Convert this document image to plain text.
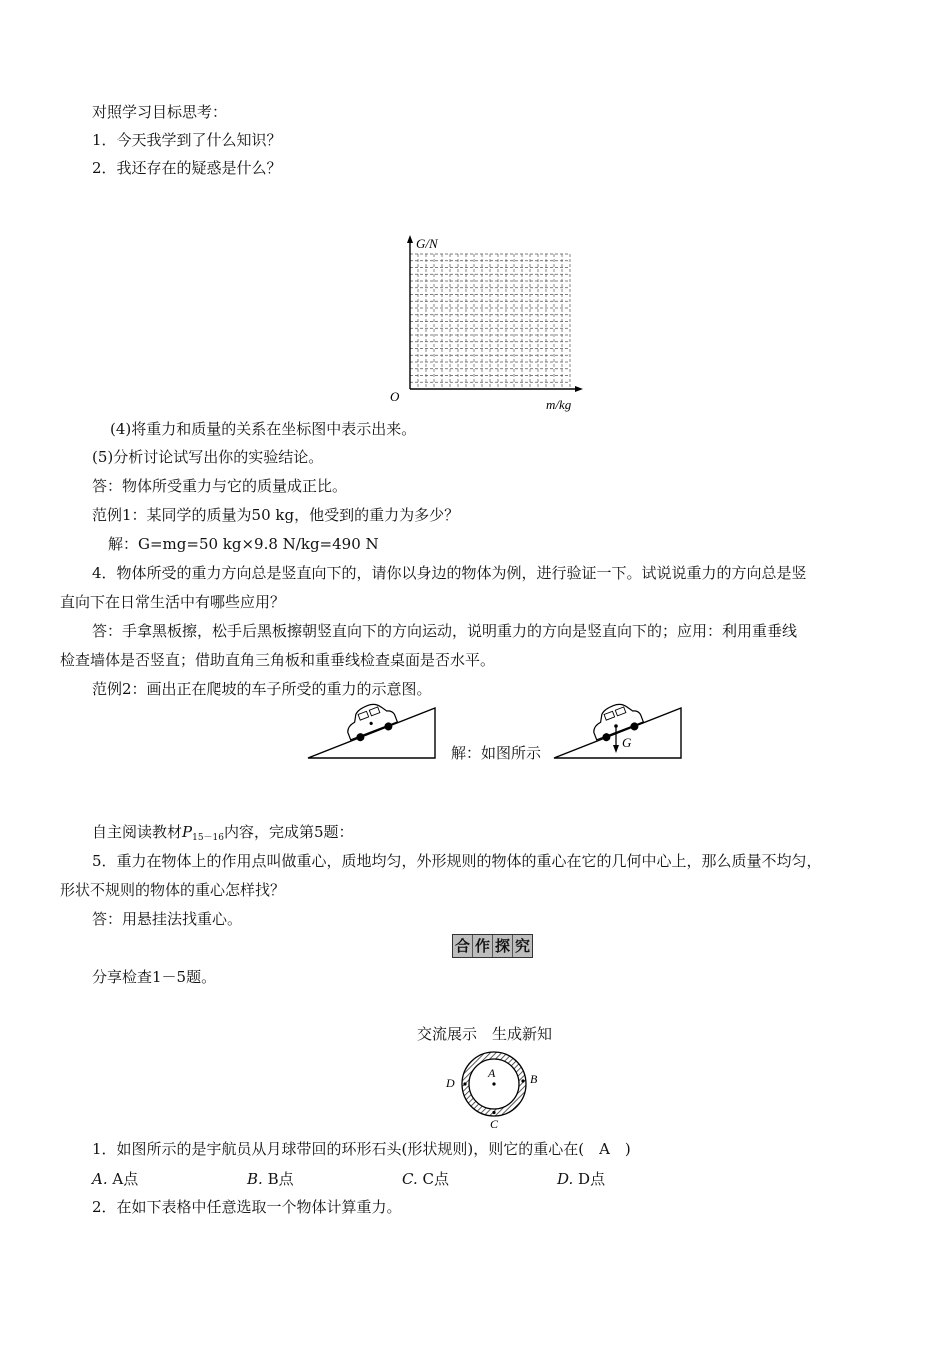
对照学习目标思考：
1．今天我学到了什么知识？
2．我还存在的疑惑是什么？
G/N
m/kg
O
(4)将重力和质量的关系在坐标图中表示出来。
(5)分析讨论试写出你的实验结论。
答：物体所受重力与它的质量成正比。
范例1：某同学的质量为50 kg，他受到的重力为多少？
解：G=mg=50 kg×9.8 N/kg=490 N
4．物体所受的重力方向总是竖直向下的，请你以身边的物体为例，进行验证一下。试说说重力的方向总是竖
直向下在日常生活中有哪些应用？
答：手拿黑板擦，松手后黑板擦朝竖直向下的方向运动，说明重力的方向是竖直向下的；应用：利用重垂线
检查墙体是否竖直；借助直角三角板和重垂线检查桌面是否水平。
范例2：画出正在爬坡的车子所受的重力的示意图。
解：如图所示
G
自主阅读教材$P_{15-16}$内容，完成第5题：
5．重力在物体上的作用点叫做重心，质地均匀，外形规则的物体的重心在它的几何中心上，那么质量不均匀，
形状不规则的物体的重心怎样找？
答：用悬挂法找重心。
合 作 探 究
分享检查1－5题。
交流展示　生成新知
A	B
C
D
1．如图所示的是宇航员从月球带回的环形石头(形状规则)，则它的重心在(　A　)
A. A点	B. B点	C. C点	D. D点
2．在如下表格中任意选取一个物体计算重力。
